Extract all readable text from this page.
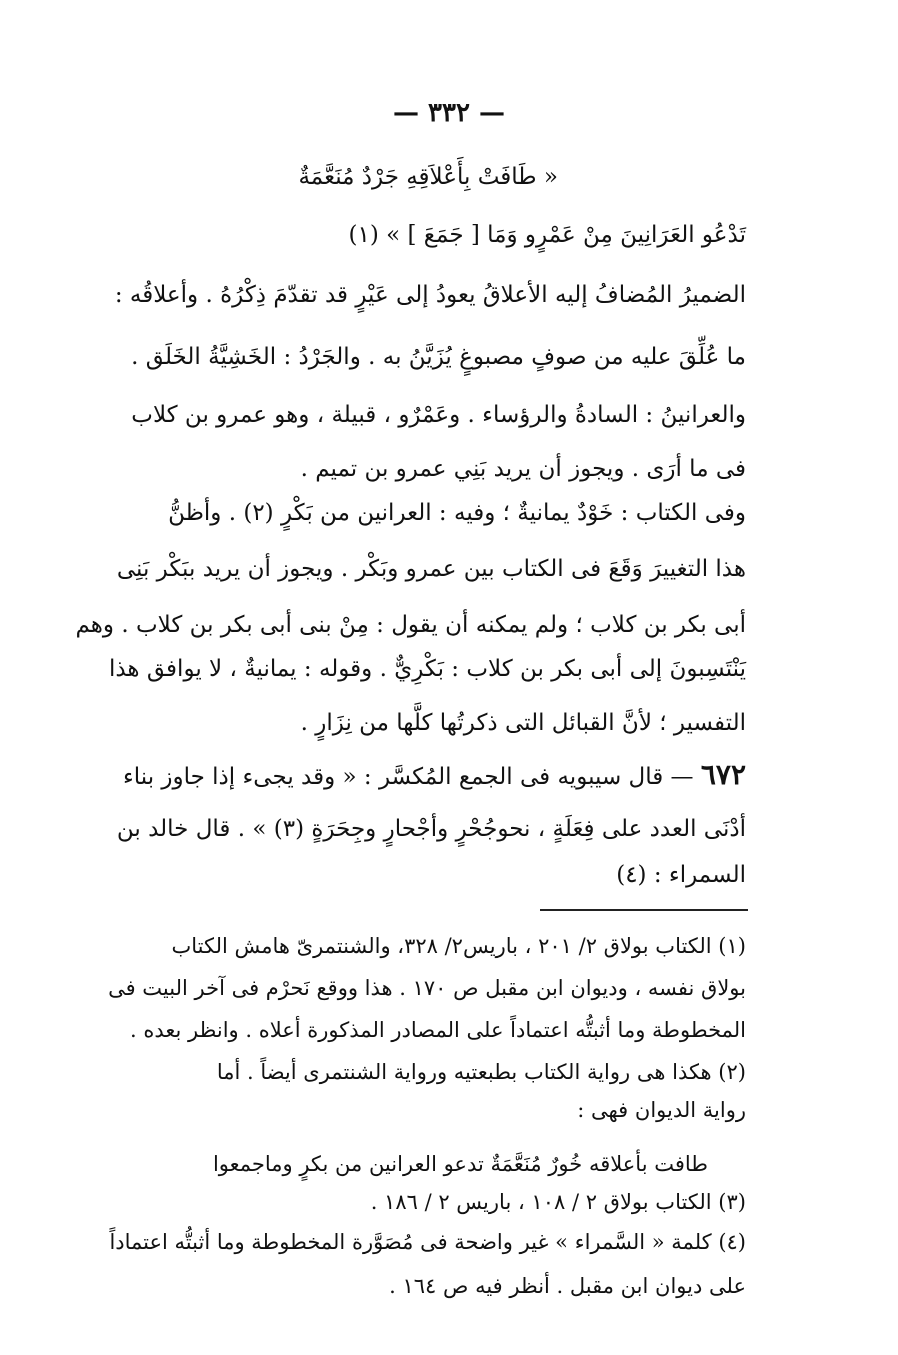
— ٣٣٢ —
« طَافَتْ بِأَعْلاَقِهِ جَرْدٌ مُنَعَّمَةٌ
تَدْعُو العَرَانِينَ مِنْ عَمْرٍو وَمَا [ جَمَعَ ] » (١)
الضميرُ المُضافُ إليه الأعلاقُ يعودُ إلى عَيْرٍ قد تقدّمَ ذِكْرُهُ . وأعلاقُه :
ما عُلِّقَ عليه من صوفٍ مصبوغٍ يُزَيَّنُ به . والجَرْدُ : الخَشِيَّةُ الخَلَق .
والعرانينُ : السادةُ والرؤساء . وعَمْرٌو ، قبيلة ، وهو عمرو بن كلاب
فى ما أرَى . ويجوز أن يريد بَنِي عمرو بن تميم .
وفى الكتاب : خَوْدٌ يمانيةٌ ؛ وفيه : العرانين من بَكْرٍ (٢) . وأظنُّ
هذا التغييرَ وَقَعَ فى الكتاب بين عمرو وبَكْر . ويجوز أن يريد ببَكْر بَنِى
أبى بكر بن كلاب ؛ ولم يمكنه أن يقول : مِنْ بنى أبى بكر بن كلاب . وهم
يَنْتَسِبونَ إلى أبى بكر بن كلاب : بَكْرِيٌّ . وقوله : يمانيةٌ ، لا يوافق هذا
التفسير ؛ لأنَّ القبائل التى ذكرتُها كلَّها من نِزَارٍ .
٦٧٢ — قال سيبويه فى الجمع المُكسَّر : « وقد يجىء إذا جاوز بناء
أدْنَى العدد على فِعَلَةٍ ، نحوجُحْرٍ وأجْحارٍ وجِحَرَةٍ (٣) » . قال خالد بن
السمراء : (٤)
(١) الكتاب بولاق ٢/ ٢٠١ ، باريس٢/ ٣٢٨، والشنتمرىّ هامش الكتاب
بولاق نفسه ، وديوان ابن مقبل ص ١٧٠ . هذا ووقع نَحرْم فى آخر البيت فى
المخطوطة وما أثبتُّه اعتماداً على المصادر المذكورة أعلاه . وانظر بعده .
(٢) هكذا هى رواية الكتاب بطبعتيه ورواية الشنتمرى أيضاً . أما
رواية الديوان فهى :
طافت بأعلاقه خُورٌ مُنَعَّمَةٌ تدعو العرانين من بكرٍ وماجمعوا
(٣) الكتاب بولاق ٢ / ١٠٨ ، باريس ٢ / ١٨٦ .
(٤) كلمة « السَّمراء » غير واضحة فى مُصَوَّرة المخطوطة وما أثبتُّه اعتماداً
على ديوان ابن مقبل . أنظر فيه ص ١٦٤ .
